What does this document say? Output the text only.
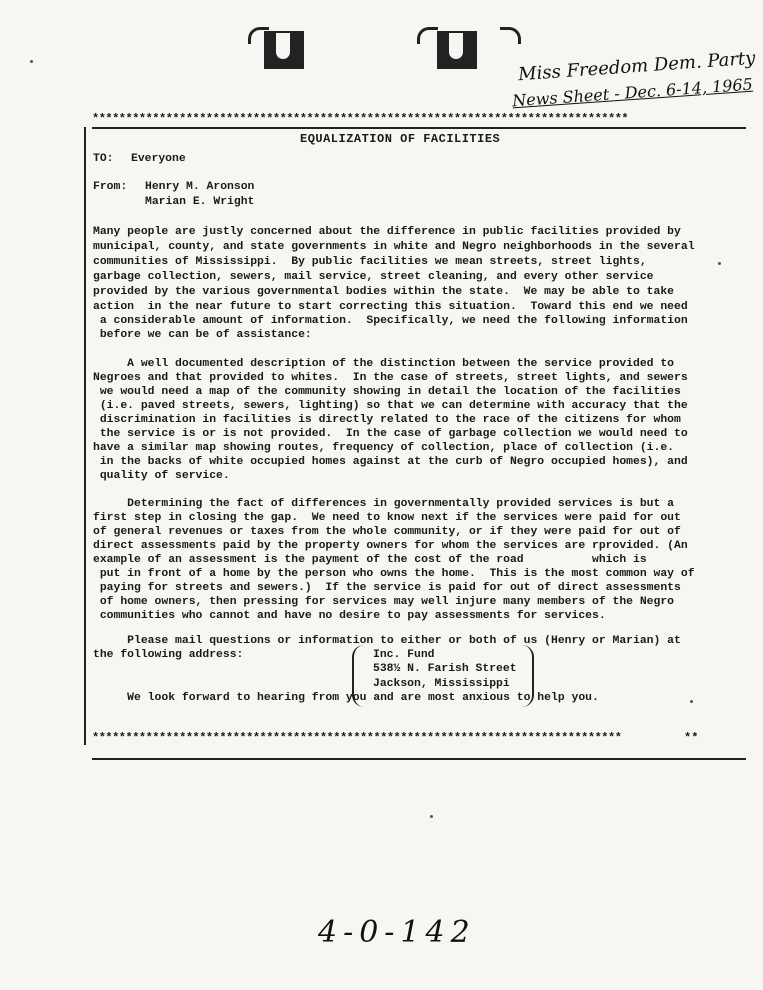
Miss Freedom Dem. Party
News Sheet - Dec. 6-14, 1965
********************************************************************************
EQUALIZATION OF FACILITIES
TO: Everyone
From: Henry M. Aronson
Marian E. Wright
Many people are justly concerned about the difference in public facilities provided by
municipal, county, and state governments in white and Negro neighborhoods in the several
communities of Mississippi.  By public facilities we mean streets, street lights,
garbage collection, sewers, mail service, street cleaning, and every other service
provided by the various governmental bodies within the state.  We may be able to take
action  in the near future to start correcting this situation.  Toward this end we need
a considerable amount of information.  Specifically, we need the following information
before we can be of assistance:
A well documented description of the distinction between the service provided to
Negroes and that provided to whites.  In the case of streets, street lights, and sewers
we would need a map of the community showing in detail the location of the facilities
(i.e. paved streets, sewers, lighting) so that we can determine with accuracy that the
discrimination in facilities is directly related to the race of the citizens for whom
the service is or is not provided.  In the case of garbage collection we would need to
have a similar map showing routes, frequency of collection, place of collection (i.e.
in the backs of white occupied homes against at the curb of Negro occupied homes), and
quality of service.
Determining the fact of differences in governmentally provided services is but a
first step in closing the gap.  We need to know next if the services were paid for out
of general revenues or taxes from the whole community, or if they were paid for out of
direct assessments paid by the property owners for whom the services are rprovided. (An
example of an assessment is the payment of the cost of the road          which is
put in front of a home by the person who owns the home.  This is the most common way of
paying for streets and sewers.)  If the service is paid for out of direct assessments
of home owners, then pressing for services may well injure many members of the Negro
communities who cannot and have no desire to pay assessments for services.
Please mail questions or information to either or both of us (Henry or Marian) at
the following address:	Inc. Fund
538½ N. Farish Street
Jackson, Mississippi
We look forward to hearing from you and are most anxious to help you.
*******************************************************************************	**
4-0-142
